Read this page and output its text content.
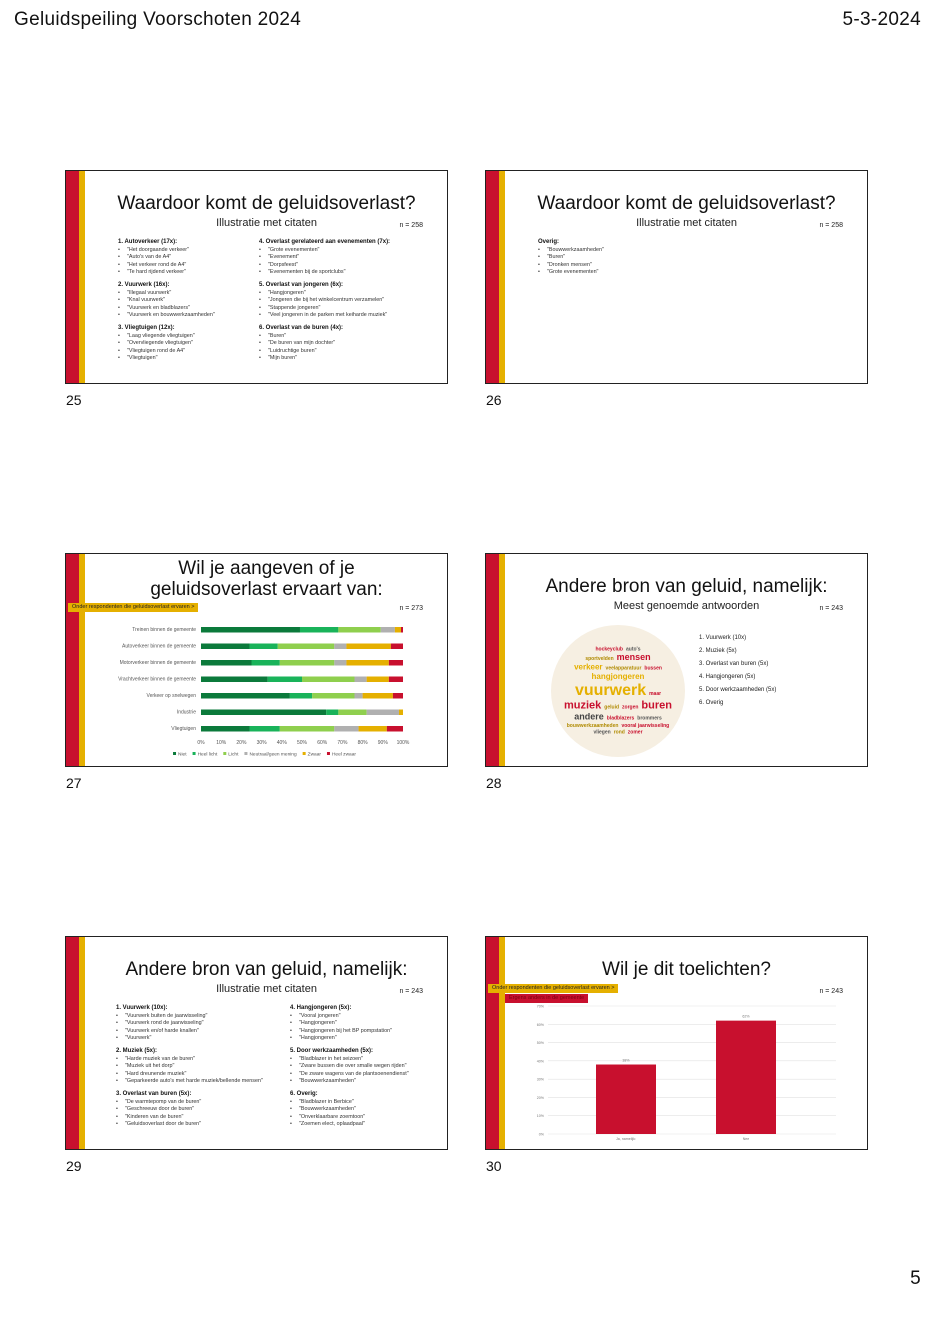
Geluidspeiling Voorschoten 2024	5-3-2024
Waardoor komt de geluidsoverlast?
Illustratie met citaten	n = 258
1. Autoverkeer (17x):
• "Het doorgaande verkeer"
• "Auto's van de A4"
• "Het verkeer rond de A4"
• "Te hard rijdend verkeer"
2. Vuurwerk (16x):
• "Illegaal vuurwerk"
• "Knal vuurwerk"
• "Vuurwerk en bladblazers"
• "Vuurwerk en bouwwerkzaamheden"
3. Vliegtuigen (12x):
• "Laag vliegende vliegtuigen"
• "Overvliegende vliegtuigen"
• "Vliegtuigen rond de A4"
• "Vliegtuigen"
4. Overlast gerelateerd aan evenementen (7x):
• "Grote evenementen"
• "Evenement"
• "Dorpsfeest"
• "Evenementen bij de sportclubs"
5. Overlast van jongeren (6x):
• "Hangjongeren"
• "Jongeren die bij het winkelcentrum verzamelen"
• "Stappende jongeren"
• "Veel jongeren in de parken met keiharde muziek"
6. Overlast van de buren (4x):
• "Buren"
• "De buren van mijn dochter"
• "Luidruchtige buren"
• "Mijn buren"
25
Waardoor komt de geluidsoverlast?
Illustratie met citaten	n = 258
Overig:
• "Bouwwerkzaamheden"
• "Buren"
• "Dronken mensen"
• "Grote evenementen"
26
Wil je aangeven of je geluidsoverlast ervaart van:
Onder respondenten die geluidsoverlast ervaren >	n = 273
0% 10% 20% 30% 40% 50% 60% 70% 80% 90% 100%
Treinen binnen de gemeente
Autoverkeer binnen de gemeente
Motorverkeer binnen de gemeente
Vrachtverkeer binnen de gemeente
Verkeer op snelwegen
Industrie
Vliegtuigen
Niet Heel licht Licht Neutraal/geen mening Zwaar Heel zwaar
27
Andere bron van geluid, namelijk:
Meest genoemde antwoorden	n = 243
hockeyclub auto's
sportvelden mensen
verkeer veelapparatuur bussen
hangjongeren
vuurwerk maar
muziek geluid zorgen buren
andere bladblazers brommers
bouwwerkzaamheden vooral jaarwisseling
vliegen rond zomer
1. Vuurwerk (10x)
2. Muziek (5x)
3. Overlast van buren (5x)
4. Hangjongeren (5x)
5. Door werkzaamheden (5x)
6. Overig
28
Andere bron van geluid, namelijk:
Illustratie met citaten	n = 243
1. Vuurwerk (10x):
• "Vuurwerk buiten de jaarwisseling"
• "Vuurwerk rond de jaarwisseling"
• "Vuurwerk en/of harde knallen"
• "Vuurwerk"
2. Muziek (5x):
• "Harde muziek van de buren"
• "Muziek uit het dorp"
• "Hard dreunende muziek"
• "Geparkeerde auto's met harde muziek/bellende mensen"
3. Overlast van buren (5x):
• "De warmtepomp van de buren"
• "Geschreeuw door de buren"
• "Kinderen van de buren"
• "Geluidsoverlast door de buren"
4. Hangjongeren (5x):
• "Vooral jongeren"
• "Hangjongeren"
• "Hangjongeren bij het BP pompstation"
• "Hangjongeren"
5. Door werkzaamheden (5x):
• "Bladblazer in het seizoen"
• "Zware bussen die over smalle wegen rijden"
• "De zware wagens van de plantsoenendienst"
• "Bouwwerkzaamheden"
6. Overig:
• "Bladblazer in Berbice"
• "Bouwwerkzaamheden"
• "Onverklaarbare zoemtoon"
• "Zoemen elect, oplaadpaal"
29
Wil je dit toelichten?
Onder respondenten die geluidsoverlast ervaren >
Ergens anders in de gemeente
n = 243
0%
10%
20%
30%
40%
50%
60%
70%
38%
Ja, namelijk:
62%
Nee
30
5
